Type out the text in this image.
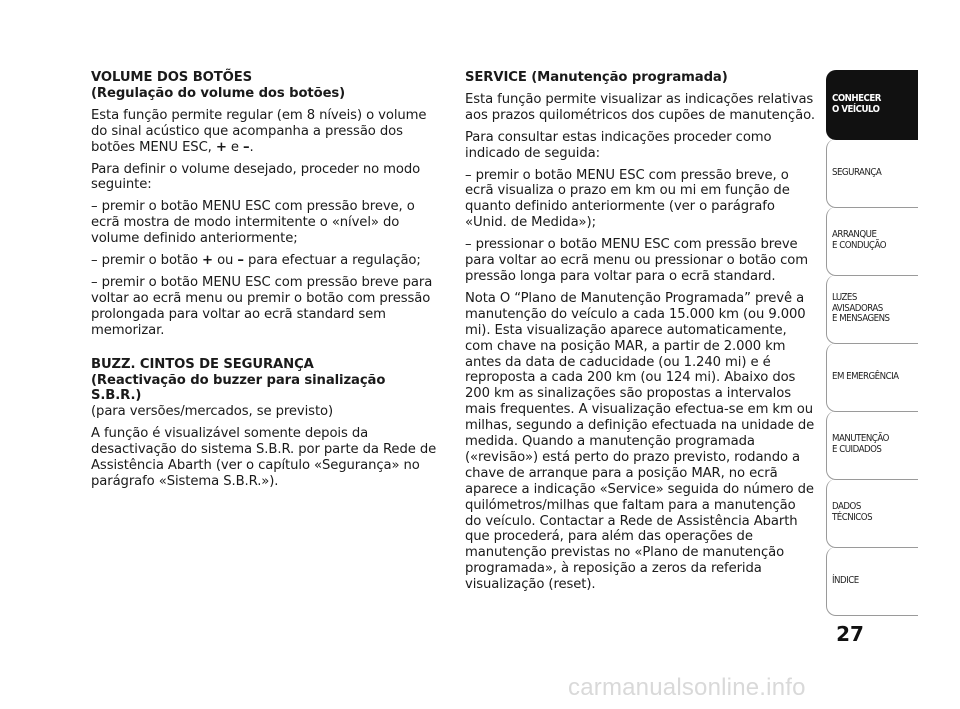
VOLUME DOS BOTÕES
(Regulação do volume dos botões)

Esta função permite regular (em 8 níveis) o volume do sinal acústico que acompanha a pressão dos botões MENU ESC, + e –.

Para definir o volume desejado, proceder no modo seguinte:

– premir o botão MENU ESC com pressão breve, o ecrã mostra de modo intermitente o «nível» do volume definido anteriormente;

– premir o botão + ou – para efectuar a regulação;

– premir o botão MENU ESC com pressão breve para voltar ao ecrã menu ou premir o botão com pressão prolongada para voltar ao ecrã standard sem memorizar.

BUZZ. CINTOS DE SEGURANÇA
(Reactivação do buzzer para sinalização S.B.R.)

(para versões/mercados, se previsto)

A função é visualizável somente depois da desactivação do sistema S.B.R. por parte da Rede de Assistência Abarth (ver o capítulo «Segurança» no parágrafo «Sistema S.B.R.»).

SERVICE (Manutenção programada)

Esta função permite visualizar as indicações relativas aos prazos quilométricos dos cupões de manutenção.

Para consultar estas indicações proceder como indicado de seguida:

– premir o botão MENU ESC com pressão breve, o ecrã visualiza o prazo em km ou mi em função de quanto definido anteriormente (ver o parágrafo «Unid. de Medida»);

– pressionar o botão MENU ESC com pressão breve para voltar ao ecrã menu ou pressionar o botão com pressão longa para voltar para o ecrã standard.

Nota O “Plano de Manutenção Programada” prevê a manutenção do veículo a cada 15.000 km (ou 9.000 mi). Esta visualização aparece automaticamente, com chave na posição MAR, a partir de 2.000 km antes da data de caducidade (ou 1.240 mi) e é reproposta a cada 200 km (ou 124 mi). Abaixo dos 200 km as sinalizações são propostas a intervalos mais frequentes. A visualização efectua-se em km ou milhas, segundo a definição efectuada na unidade de medida. Quando a manutenção programada («revisão») está perto do prazo previsto, rodando a chave de arranque para a posição MAR, no ecrã aparece a indicação «Service» seguida do número de quilómetros/milhas que faltam para a manutenção do veículo. Contactar a Rede de Assistência Abarth que procederá, para além das operações de manutenção previstas no «Plano de manutenção programada», à reposição a zeros da referida visualização (reset).

CONHECER
O VEÍCULO
SEGURANÇA
ARRANQUE
E CONDUÇÃO
LUZES
AVISADORAS
E MENSAGENS
EM EMERGÊNCIA
MANUTENÇÃO
E CUIDADOS
DADOS
TÉCNICOS
ÍNDICE
27
carmanualsonline.info
